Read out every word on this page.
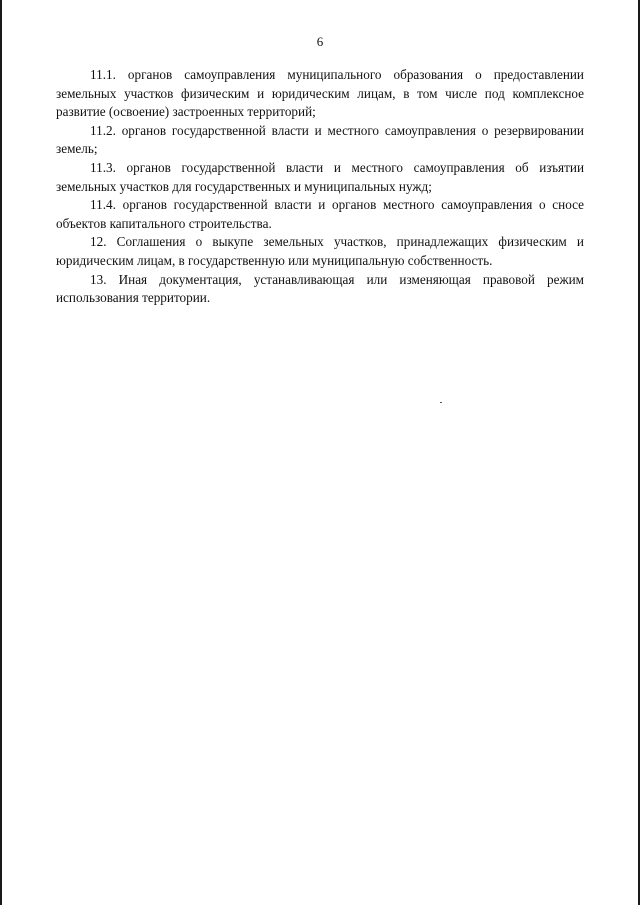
6

11.1. органов самоуправления муниципального образования о предоставлении земельных участков физическим и юридическим лицам, в том числе под комплексное развитие (освоение) застроенных территорий;

11.2. органов государственной власти и местного самоуправления о резервировании земель;

11.3. органов государственной власти и местного самоуправления об изъятии земельных участков для государственных и муниципальных нужд;

11.4. органов государственной власти и органов местного самоуправления о сносе объектов капитального строительства.

12. Соглашения о выкупе земельных участков, принадлежащих физическим и юридическим лицам, в государственную или муниципальную собственность.

13. Иная документация, устанавливающая или изменяющая правовой режим использования территории.
